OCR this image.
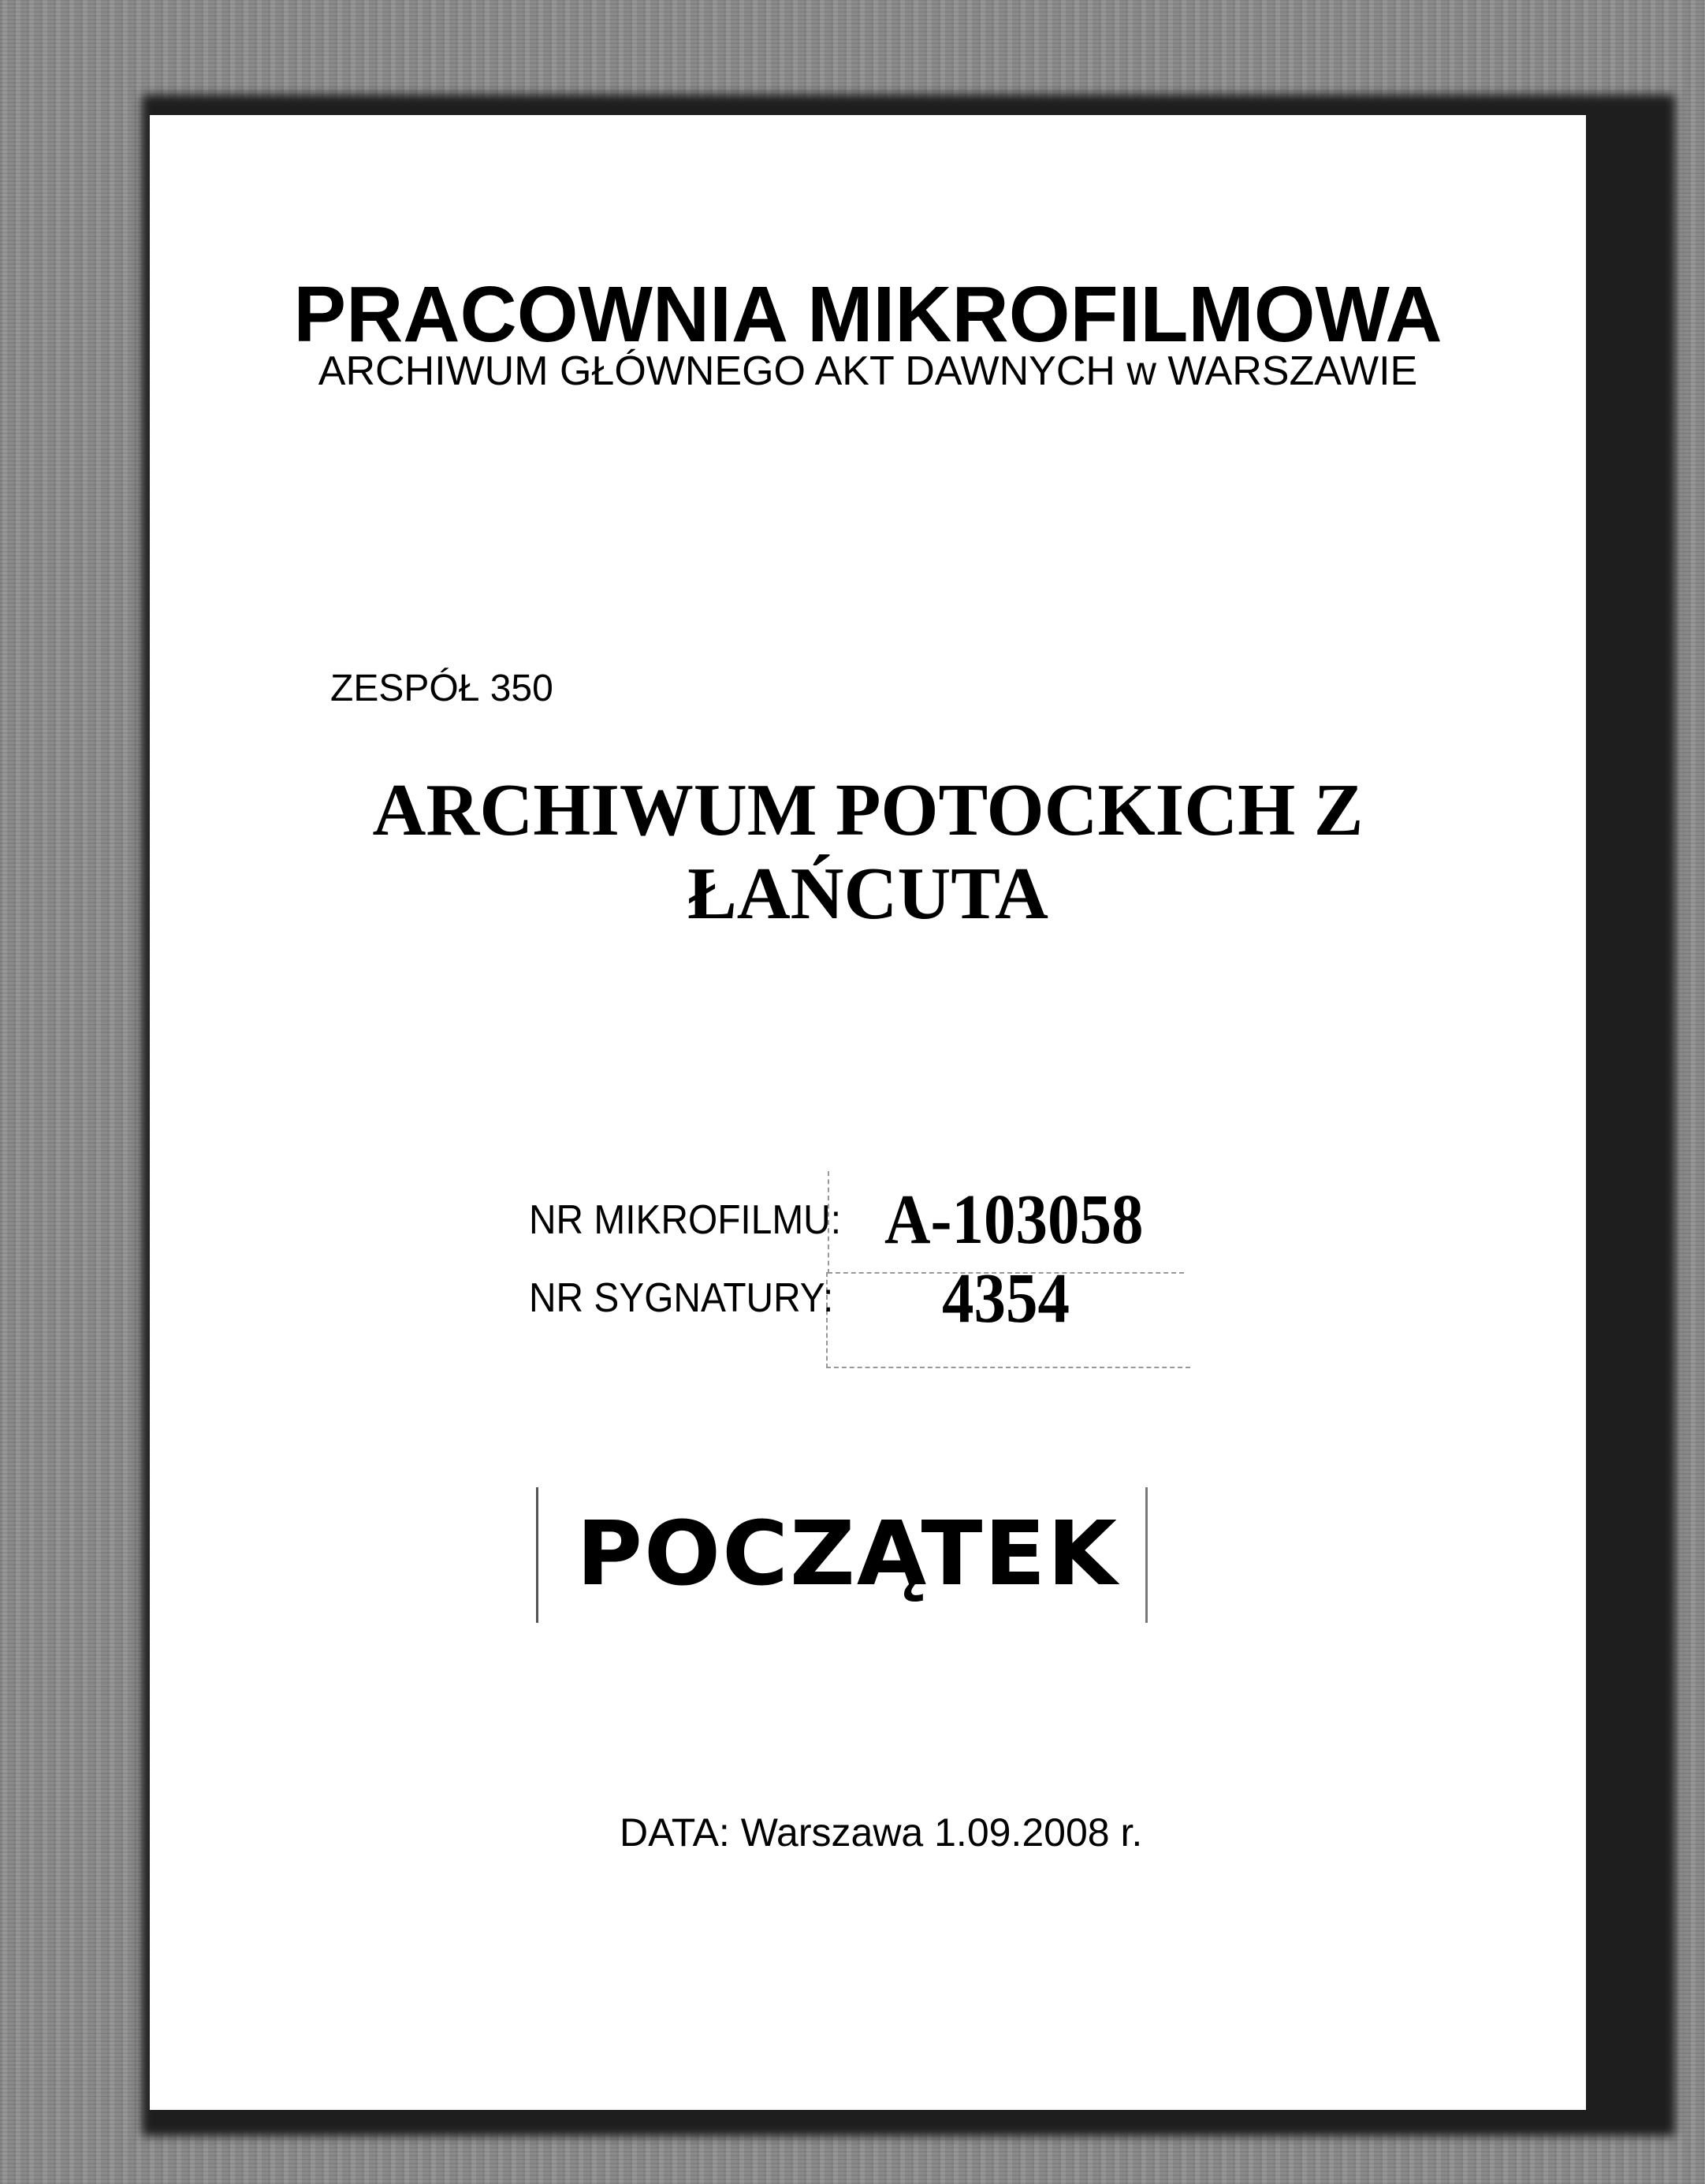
PRACOWNIA MIKROFILMOWA
ARCHIWUM GŁÓWNEGO AKT DAWNYCH w WARSZAWIE
ZESPÓŁ 350
ARCHIWUM POTOCKICH Z
ŁAŃCUTA
NR MIKROFILMU: A-103058
NR SYGNATURY: 4354
POCZĄTEK
DATA: Warszawa 1.09.2008 r.
